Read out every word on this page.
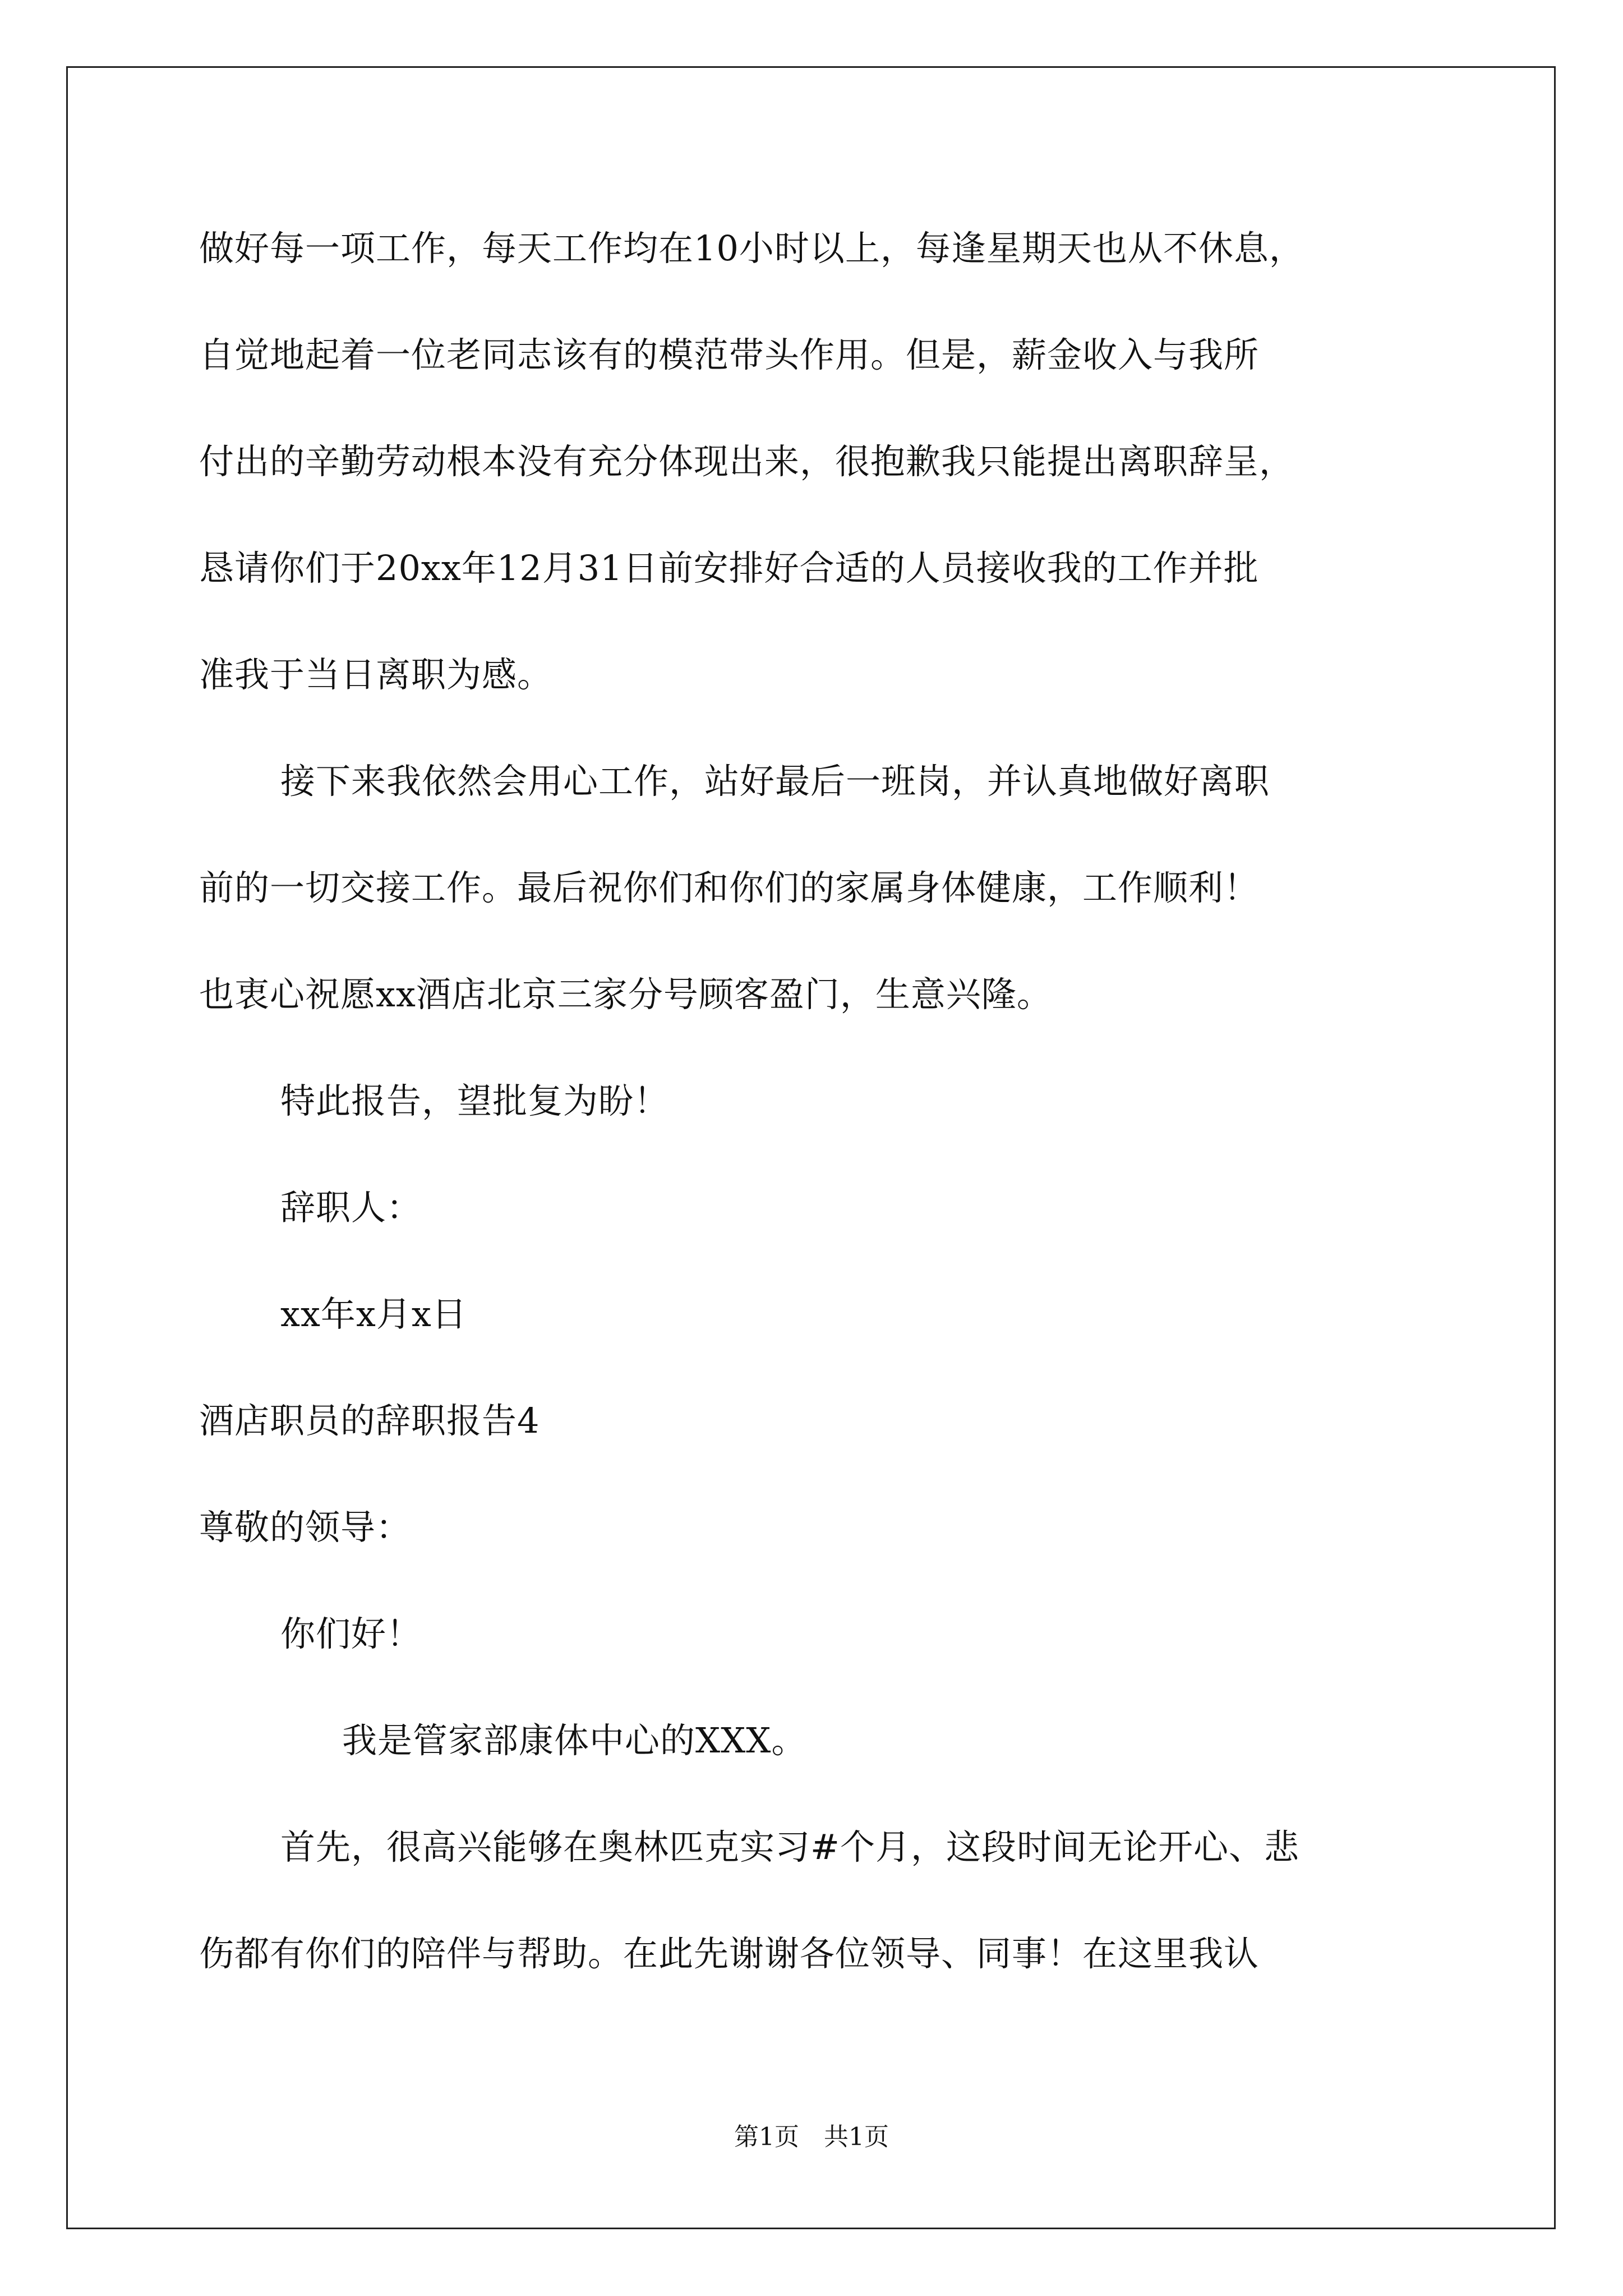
做好每一项工作，每天工作均在10小时以上，每逢星期天也从不休息，
自觉地起着一位老同志该有的模范带头作用。但是，薪金收入与我所
付出的辛勤劳动根本没有充分体现出来，很抱歉我只能提出离职辞呈，
恳请你们于20xx年12月31日前安排好合适的人员接收我的工作并批
准我于当日离职为感。
接下来我依然会用心工作，站好最后一班岗，并认真地做好离职
前的一切交接工作。最后祝你们和你们的家属身体健康，工作顺利！
也衷心祝愿xx酒店北京三家分号顾客盈门，生意兴隆。
特此报告，望批复为盼！
辞职人：
xx年x月x日
酒店职员的辞职报告4
尊敬的领导：
你们好！
我是管家部康体中心的XXX。
首先，很高兴能够在奥林匹克实习#个月，这段时间无论开心、悲
伤都有你们的陪伴与帮助。在此先谢谢各位领导、同事！在这里我认
第1页　共1页
